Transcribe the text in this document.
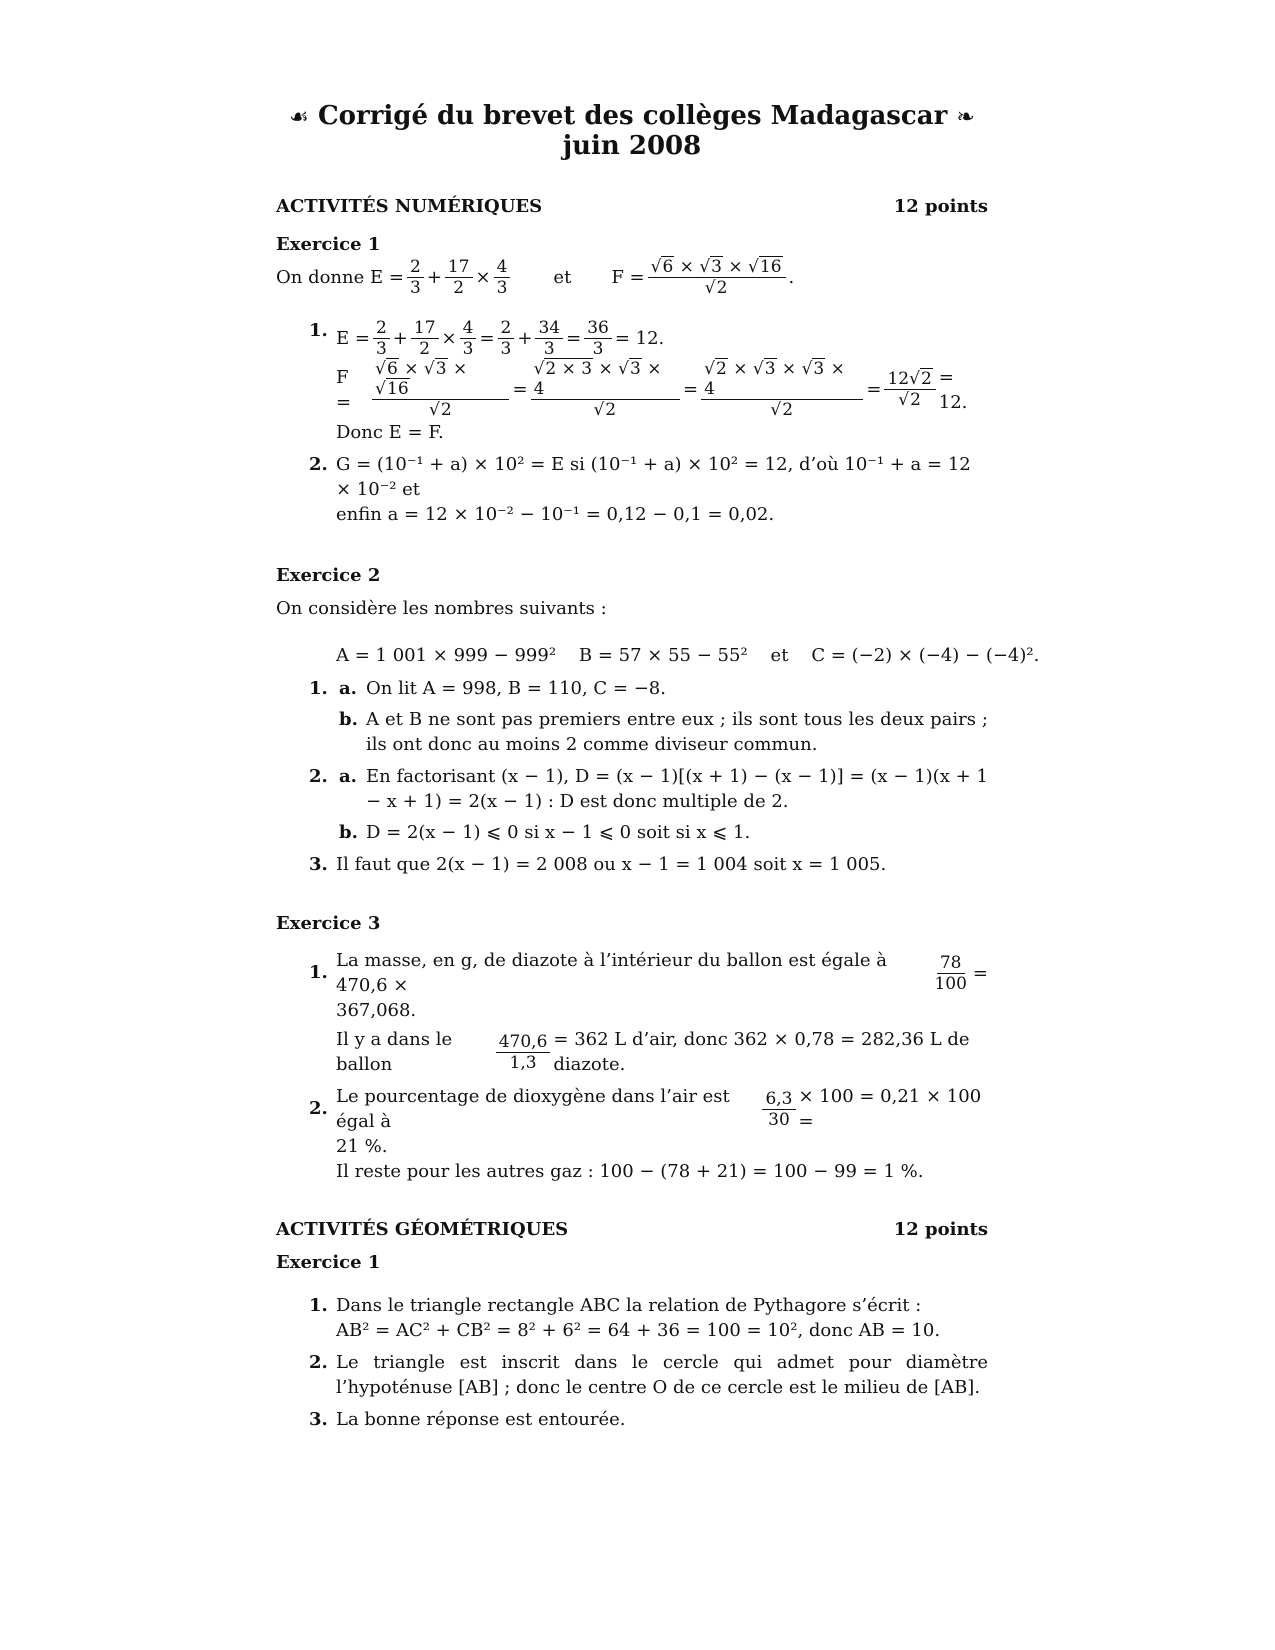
☙ Corrigé du brevet des collèges Madagascar ❧
juin 2008
ACTIVITÉS NUMÉRIQUES	12 points
Exercice 1
On donne $E = \frac{2}{3} + \frac{17}{2} \times \frac{4}{3}$ et $F = \frac{√6 \times √3 \times √16}{√2}$ .
1. $E = \frac{2}{3} + \frac{17}{2} \times \frac{4}{3} = \frac{2}{3} + \frac{34}{3} = \frac{36}{3} = 12$.
F =	$\frac{√6 \times √3 \times √16}{√2} = \frac{√2 \times 3 \times √3 \times 4}{√2} = \frac{√2 \times √3 \times √3 \times 4}{√2} = \frac{12√2}{√2} = 12$.
Donc E = F.
2. G = (10⁻¹ + a) × 10² = E si (10⁻¹ + a) × 10² = 12, d’où 10⁻¹ + a = 12 × 10⁻² et
enfin a = 12 × 10⁻² − 10⁻¹ = 0,12 − 0,1 = 0,02.
Exercice 2
On considère les nombres suivants :
A = 1 001 × 999 − 999²    B = 57 × 55 − 55²    et    C = (−2) × (−4) − (−4)².
1. a. On lit A = 998, B = 110, C = −8.
b. A et B ne sont pas premiers entre eux ; ils sont tous les deux pairs ; ils ont donc au moins 2 comme diviseur commun.
2. a. En factorisant (x − 1), D = (x − 1)[(x + 1) − (x − 1)] = (x − 1)(x + 1 − x + 1) = 2(x − 1) : D est donc multiple de 2.
b. D = 2(x − 1) ⩽ 0 si x − 1 ⩽ 0 soit si x ⩽ 1.
3. Il faut que 2(x − 1) = 2 008 ou x − 1 = 1 004 soit x = 1 005.
Exercice 3
1.
La masse, en g, de diazote à l’intérieur du ballon est égale à 470,6 ×	$\frac{78}{100}$ =
367,068.
Il y a dans le ballon	$\frac{470,6}{1,3} = 362$ L d’air, donc 362 × 0,78 = 282,36 L de diazote.
2.
Le pourcentage de dioxygène dans l’air est égal à	$\frac{6,3}{30} \times 100 = 0,21 \times 100$ =
21 %.
Il reste pour les autres gaz : 100 − (78 + 21) = 100 − 99 = 1 %.
ACTIVITÉS GÉOMÉTRIQUES	12 points
Exercice 1
1. Dans le triangle rectangle ABC la relation de Pythagore s’écrit :
AB² = AC² + CB² = 8² + 6² = 64 + 36 = 100 = 10², donc AB = 10.
2. Le triangle est inscrit dans le cercle qui admet pour diamètre l’hypoténuse [AB] ; donc le centre O de ce cercle est le milieu de [AB].
3. La bonne réponse est entourée.
